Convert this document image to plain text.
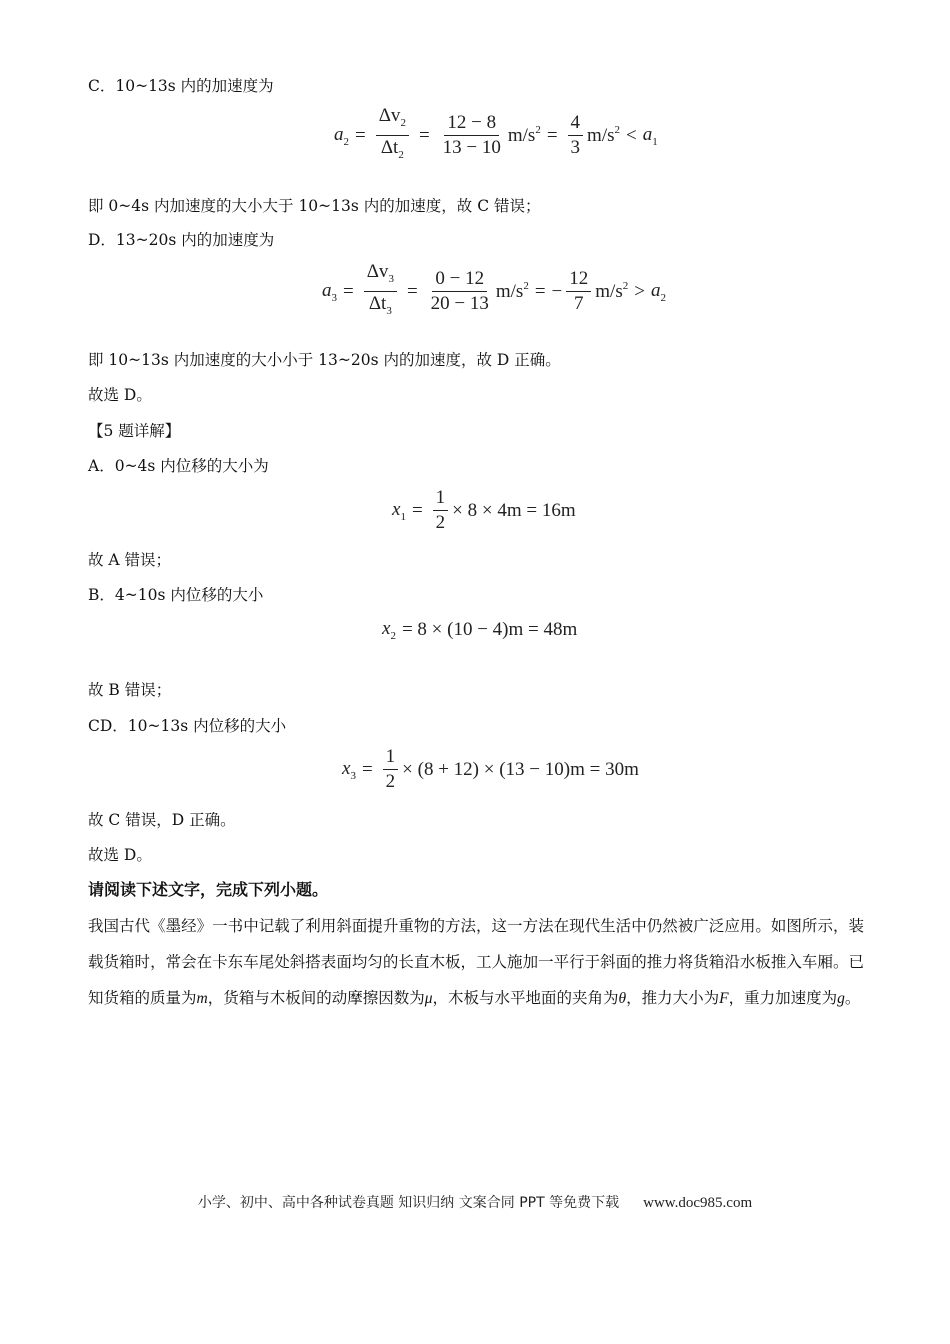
C．10~13s 内的加速度为
$a_2 = \frac{\Delta v_2}{\Delta t_2} = \frac{12 - 8}{13 - 10} m/s^2 = \frac{4}{3} m/s^2 < a_1$
即 0~4s 内加速度的大小大于 10~13s 内的加速度，故 C 错误；
D．13~20s 内的加速度为
$a_3 = \frac{\Delta v_3}{\Delta t_3} = \frac{0 - 12}{20 - 13} m/s^2$ = − $\frac{12}{7} m/s^2 > a_2$
即 10~13s 内加速度的大小小于 13~20s 内的加速度，故 D 正确。
故选 D。
【5 题详解】
A．0~4s 内位移的大小为
$x_1 = \frac{1}{2} \times 8 \times 4m = 16m$
故 A 错误；
B．4~10s 内位移的大小
$x_2 = 8 \times (10 - 4)m = 48m$
故 B 错误；
CD．10~13s 内位移的大小
$x_3 = \frac{1}{2} \times (8 + 12) \times (13 - 10)m = 30m$
故 C 错误，D 正确。
故选 D。
请阅读下述文字，完成下列小题。
我国古代《墨经》一书中记载了利用斜面提升重物的方法，这一方法在现代生活中仍然被广泛应用。如图所示，装载货箱时，常会在卡东车尾处斜搭表面均匀的长直木板，工人施加一平行于斜面的推力将货箱沿水板推入车厢。已知货箱的质量为m，货箱与木板间的动摩擦因数为μ，木板与水平地面的夹角为θ，推力大小为F，重力加速度为g。
小学、初中、高中各种试卷真题 知识归纳 文案合同 PPT 等免费下载 www.doc985.com
